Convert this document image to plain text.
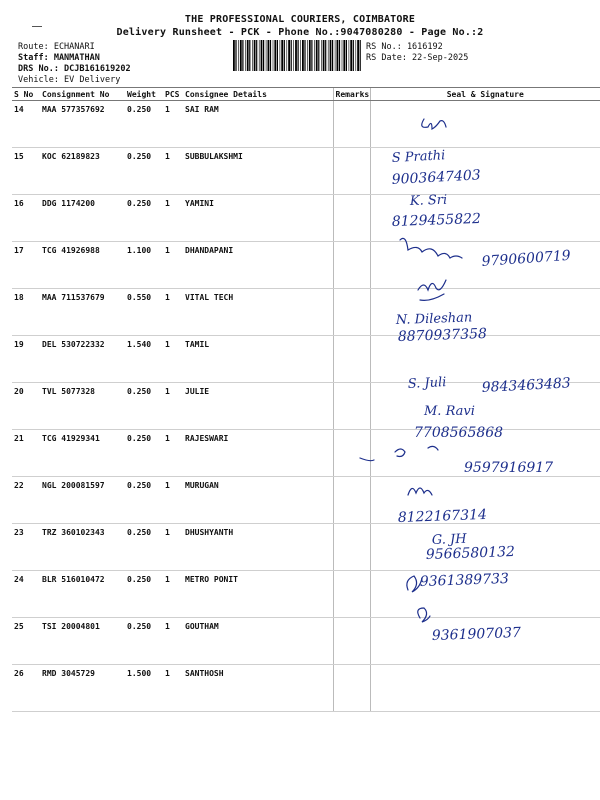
THE PROFESSIONAL COURIERS, COIMBATORE
Delivery Runsheet - PCK - Phone No.:9047080280 - Page No.:2
Route: ECHANARI
Staff: MANMATHAN
DRS No.: DCJB161619202
Vehicle: EV Delivery
RS No.: 1616192
RS Date: 22-Sep-2025
S No	Consignment No	Weight	PCS	Consignee Details	Remarks	Seal & Signature
14	MAA 577357692	0.250	1	SAI RAM		
15	KOC 62189823	0.250	1	SUBBULAKSHMI		
16	DDG 1174200	0.250	1	YAMINI		
17	TCG 41926988	1.100	1	DHANDAPANI		
18	MAA 711537679	0.550	1	VITAL TECH		
19	DEL 530722332	1.540	1	TAMIL		
20	TVL 5077328	0.250	1	JULIE		
21	TCG 41929341	0.250	1	RAJESWARI		
22	NGL 200081597	0.250	1	MURUGAN		
23	TRZ 360102343	0.250	1	DHUSHYANTH		
24	BLR 516010472	0.250	1	METRO PONIT		
25	TSI 20004801	0.250	1	GOUTHAM		
26	RMD 3045729	1.500	1	SANTHOSH		
S Prathi
9003647403
K. Sri
8129455822
9790600719
N. Dileshan
8870937358
S. Juli 9843463483
M. Ravi
7708565868
9597916917
8122167314
G. JH
9566580132
9361389733
9361907037
